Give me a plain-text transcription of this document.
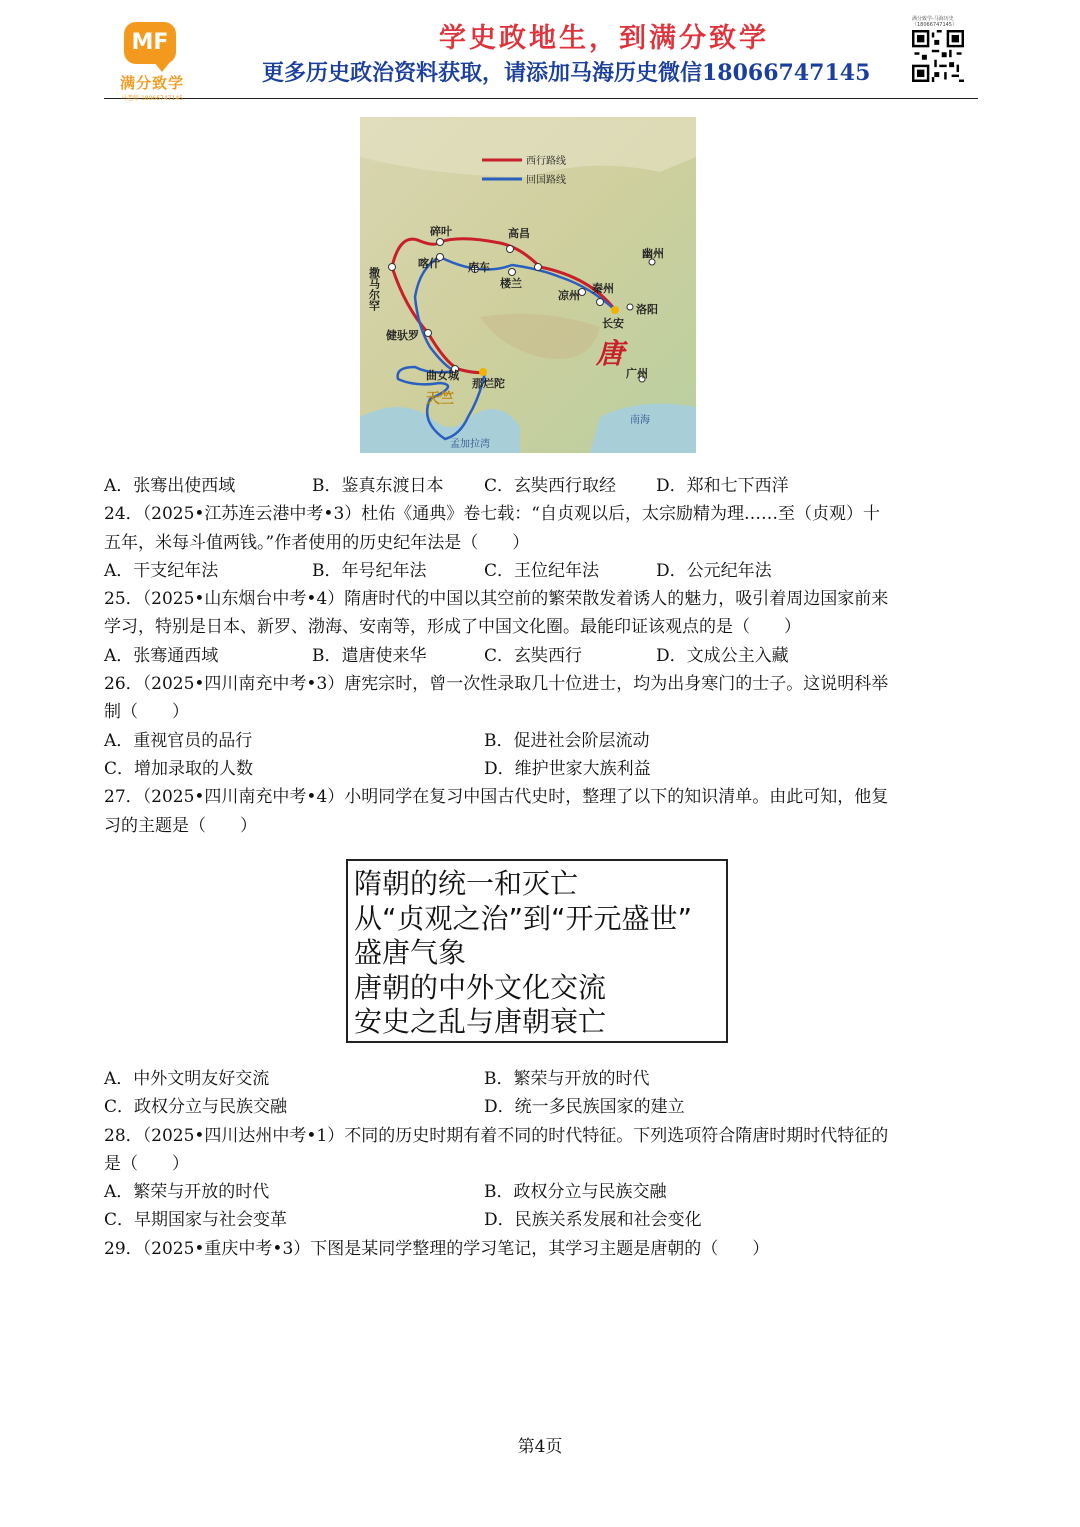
MF
满分致学
马老师 18066747145
学史政地生，到满分致学
更多历史政治资料获取，请添加马海历史微信18066747145
满分致学-马海历史（18066747145）
西行路线
回国路线
撒马尔罕
碎叶	高昌
喀什	库车
楼兰
凉州
秦州
幽州
洛阳
长安
唐
健驮罗
曲女城
那烂陀
天竺
广州
南海
孟加拉湾
A．张骞出使西域	B．鉴真东渡日本 C．玄奘西行取经 D．郑和七下西洋
24．（2025•江苏连云港中考•3）杜佑《通典》卷七载：“自贞观以后，太宗励精为理……至（贞观）十
五年，米每斗值两钱。”作者使用的历史纪年法是（　　）
A．干支纪年法	B．年号纪年法	C．王位纪年法	D．公元纪年法
25．（2025•山东烟台中考•4）隋唐时代的中国以其空前的繁荣散发着诱人的魅力，吸引着周边国家前来
学习，特别是日本、新罗、渤海、安南等，形成了中国文化圈。最能印证该观点的是（　　）
A．张骞通西域	B．遣唐使来华	C．玄奘西行	D．文成公主入藏
26．（2025•四川南充中考•3）唐宪宗时，曾一次性录取几十位进士，均为出身寒门的士子。这说明科举
制（　　）
A．重视官员的品行	B．促进社会阶层流动
C．增加录取的人数	D．维护世家大族利益
27．（2025•四川南充中考•4）小明同学在复习中国古代史时，整理了以下的知识清单。由此可知，他复
习的主题是（　　）
隋朝的统一和灭亡
从“贞观之治”到“开元盛世”
盛唐气象
唐朝的中外文化交流
安史之乱与唐朝衰亡
A．中外文明友好交流	B．繁荣与开放的时代
C．政权分立与民族交融	D．统一多民族国家的建立
28．（2025•四川达州中考•1）不同的历史时期有着不同的时代特征。下列选项符合隋唐时期时代特征的
是（　　）
A．繁荣与开放的时代	B．政权分立与民族交融
C．早期国家与社会变革	D．民族关系发展和社会变化
29．（2025•重庆中考•3）下图是某同学整理的学习笔记，其学习主题是唐朝的（　　）
第4页
